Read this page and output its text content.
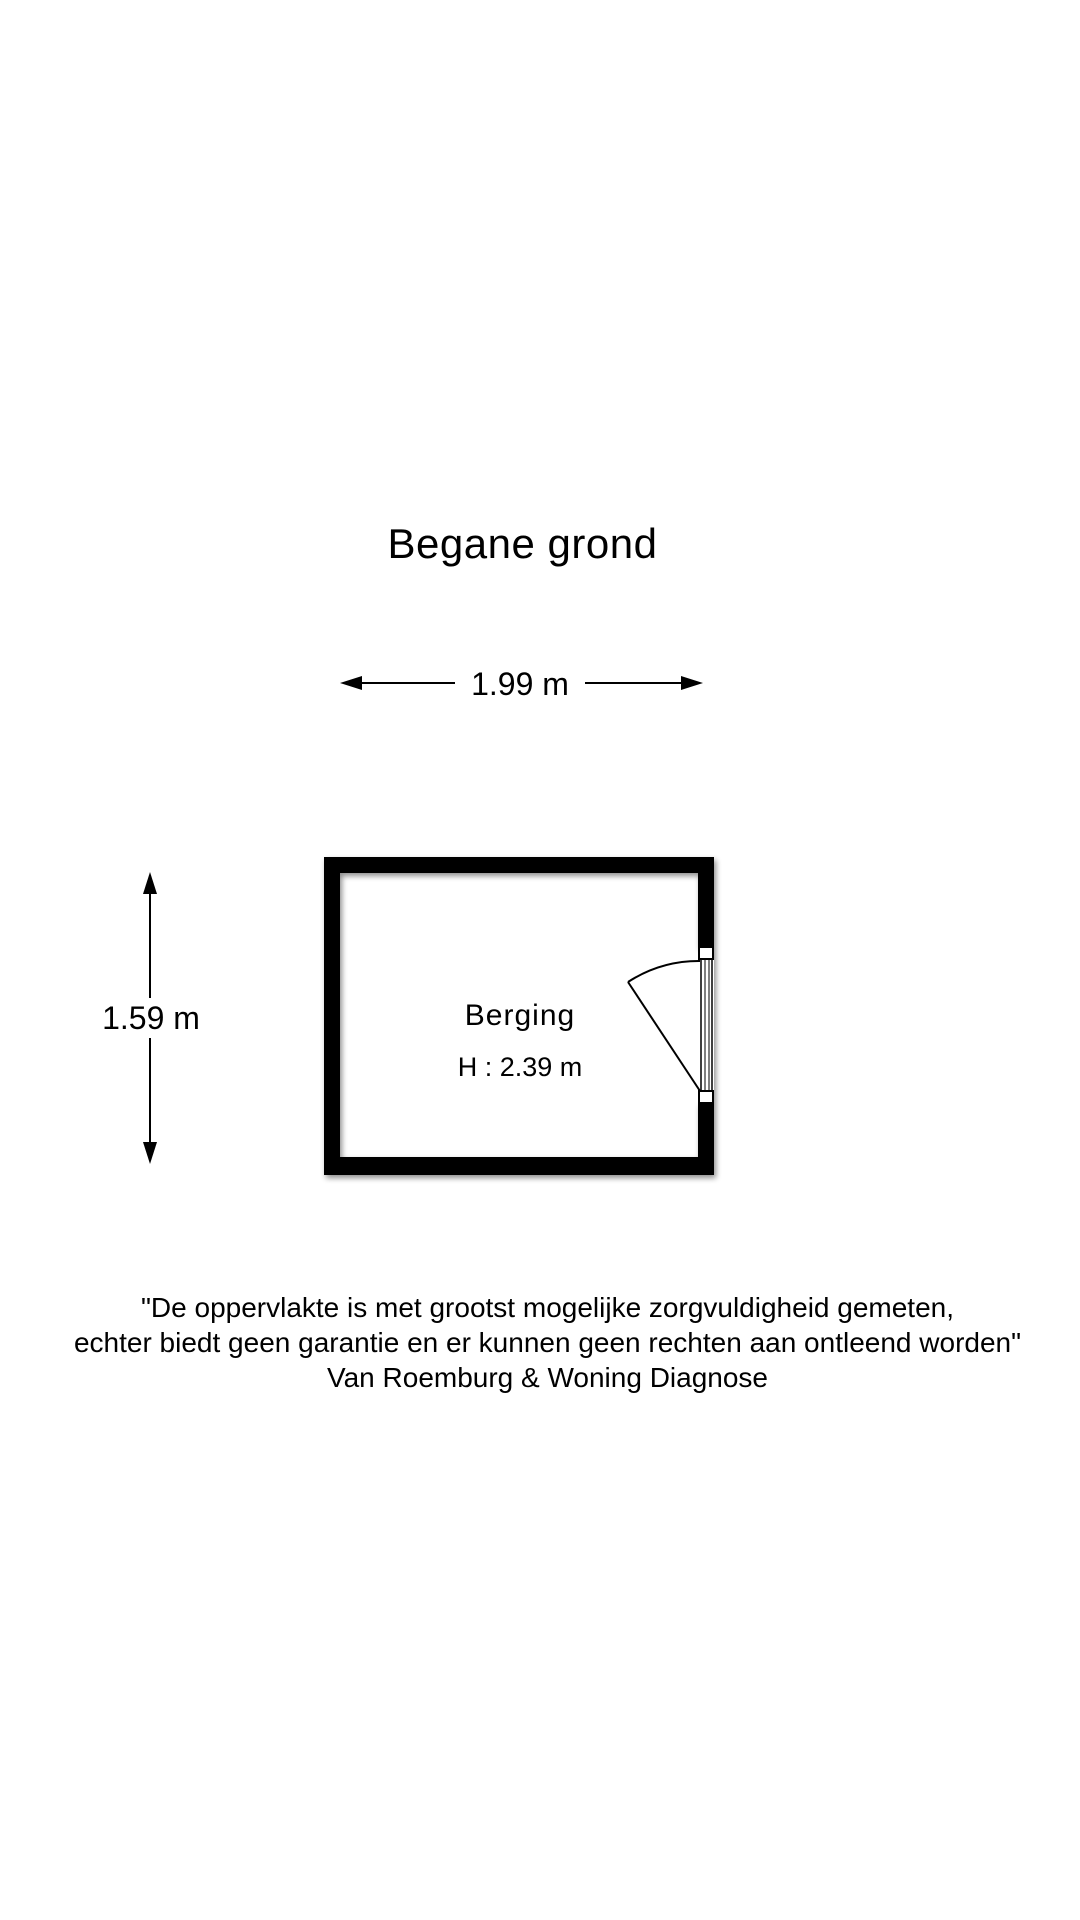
Begane grond
1.99 m
1.59 m	Berging
H : 2.39 m
"De oppervlakte is met grootst mogelijke zorgvuldigheid gemeten,
echter biedt geen garantie en er kunnen geen rechten aan ontleend worden"
Van Roemburg & Woning Diagnose
